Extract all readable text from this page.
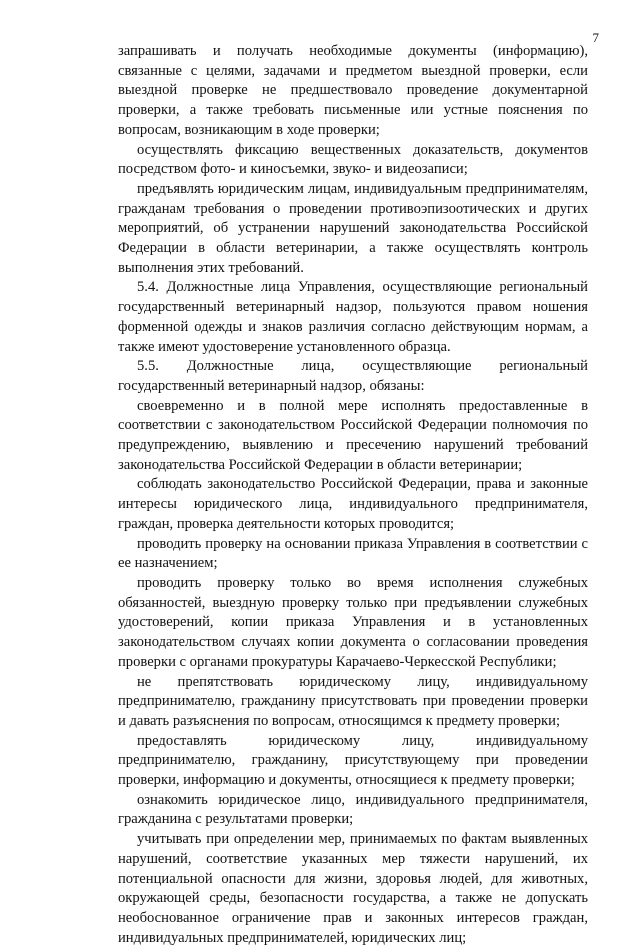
7

запрашивать и получать необходимые документы (информацию), связанные с целями, задачами и предметом выездной проверки, если выездной проверке не предшествовало проведение документарной проверки, а также требовать письменные или устные пояснения по вопросам, возникающим в ходе проверки;

осуществлять фиксацию вещественных доказательств, документов посредством фото- и киносъемки, звуко- и видеозаписи;

предъявлять юридическим лицам, индивидуальным предпринимателям, гражданам требования о проведении противоэпизоотических и других мероприятий, об устранении нарушений законодательства Российской Федерации в области ветеринарии, а также осуществлять контроль выполнения этих требований.

5.4. Должностные лица Управления, осуществляющие региональный государственный ветеринарный надзор, пользуются правом ношения форменной одежды и знаков различия согласно действующим нормам, а также имеют удостоверение установленного образца.

5.5. Должностные лица, осуществляющие региональный государственный ветеринарный надзор, обязаны:

своевременно и в полной мере исполнять предоставленные в соответствии с законодательством Российской Федерации полномочия по предупреждению, выявлению и пресечению нарушений требований законодательства Российской Федерации в области ветеринарии;

соблюдать законодательство Российской Федерации, права и законные интересы юридического лица, индивидуального предпринимателя, граждан, проверка деятельности которых проводится;

проводить проверку на основании приказа Управления в соответствии с ее назначением;

проводить проверку только во время исполнения служебных обязанностей, выездную проверку только при предъявлении служебных удостоверений, копии приказа Управления и в установленных законодательством случаях копии документа о согласовании проведения проверки с органами прокуратуры Карачаево-Черкесской Республики;

не препятствовать юридическому лицу, индивидуальному предпринимателю, гражданину присутствовать при проведении проверки и давать разъяснения по вопросам, относящимся к предмету проверки;

предоставлять юридическому лицу, индивидуальному предпринимателю, гражданину, присутствующему при проведении проверки, информацию и документы, относящиеся к предмету проверки;

ознакомить юридическое лицо, индивидуального предпринимателя, гражданина с результатами проверки;

учитывать при определении мер, принимаемых по фактам выявленных нарушений, соответствие указанных мер тяжести нарушений, их потенциальной опасности для жизни, здоровья людей, для животных, окружающей среды, безопасности государства, а также не допускать необоснованное ограничение прав и законных интересов граждан, индивидуальных предпринимателей, юридических лиц;
